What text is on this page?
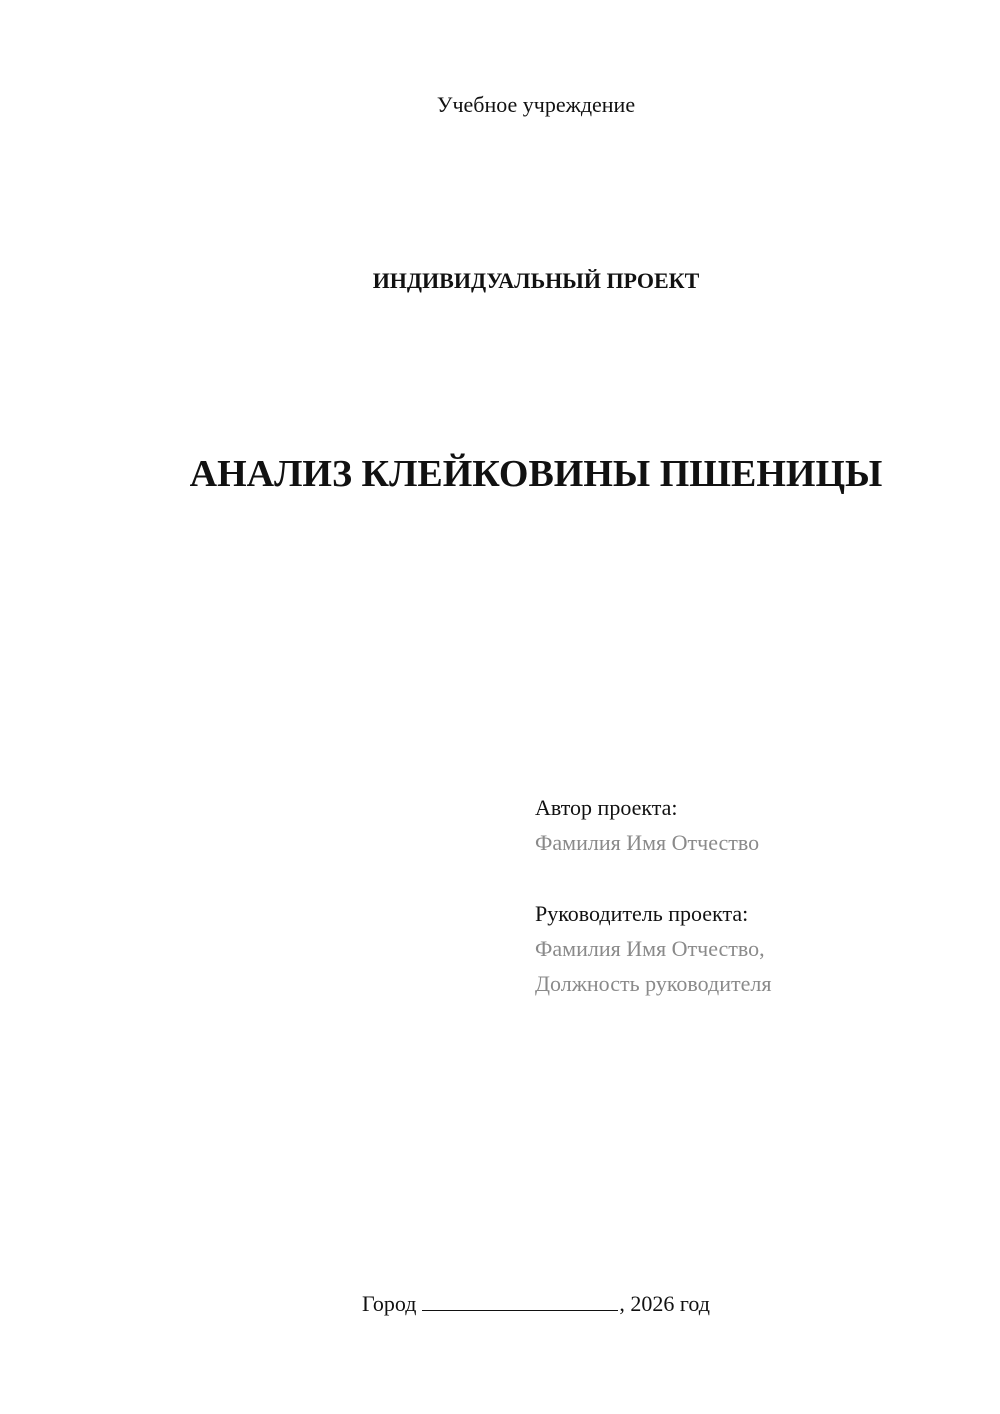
Учебное учреждение
ИНДИВИДУАЛЬНЫЙ ПРОЕКТ
АНАЛИЗ КЛЕЙКОВИНЫ ПШЕНИЦЫ
Автор проекта:
Фамилия Имя Отчество
Руководитель проекта:
Фамилия Имя Отчество,
Должность руководителя
Город	, 2026 год
